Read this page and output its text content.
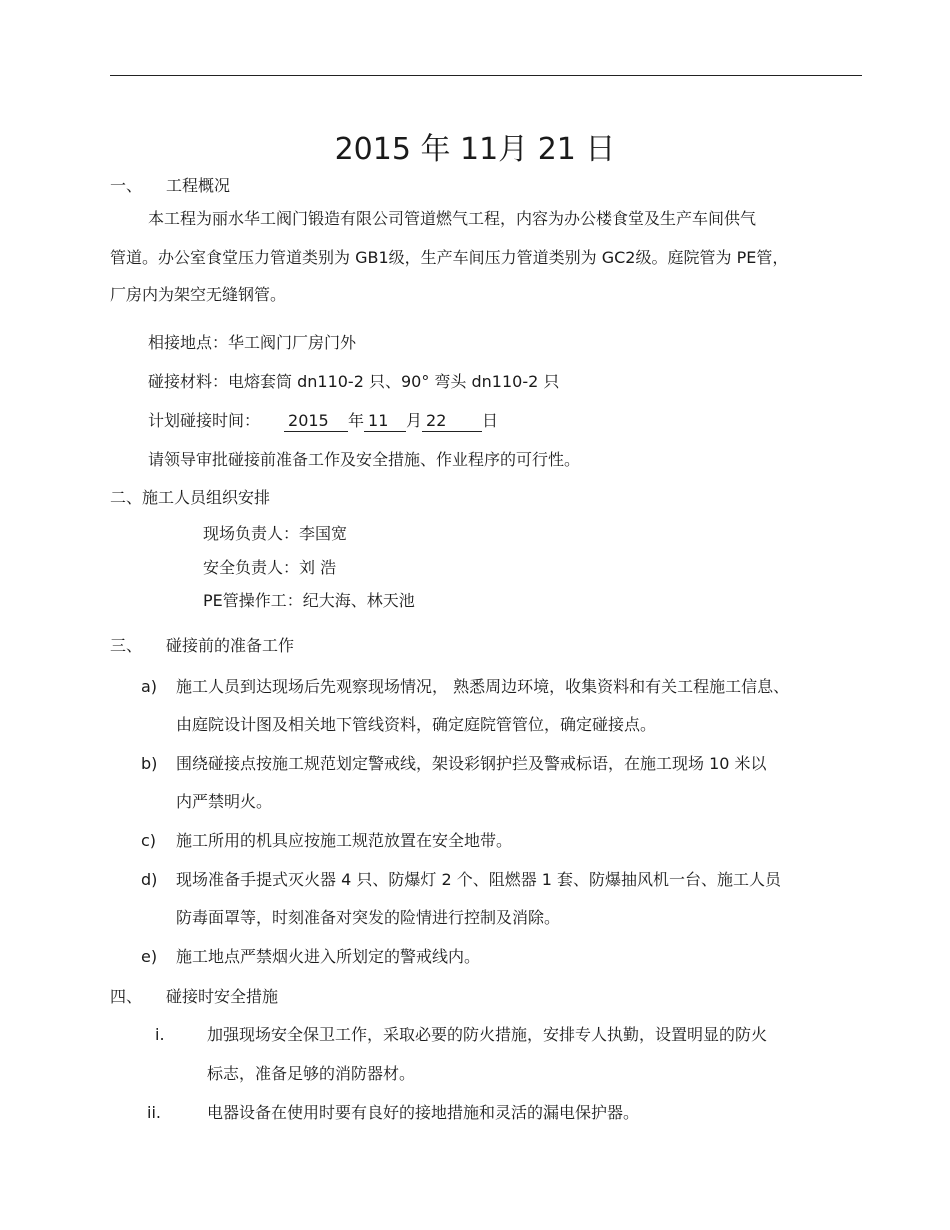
2015 年 11月 21 日
一、 工程概况
本工程为丽水华工阀门锻造有限公司管道燃气工程，内容为办公楼食堂及生产车间供气
管道。办公室食堂压力管道类别为 GB1级，生产车间压力管道类别为 GC2级。庭院管为 PE管，
厂房内为架空无缝钢管。
相接地点：华工阀门厂房门外
碰接材料：电熔套筒 dn110-2 只、90° 弯头 dn110-2 只
计划碰接时间： 2015 年 11 月 22 日
请领导审批碰接前准备工作及安全措施、作业程序的可行性。
二、施工人员组织安排
现场负责人：李国宽
安全负责人：刘 浩
PE管操作工：纪大海、林天池
三、 碰接前的准备工作
a) 施工人员到达现场后先观察现场情况， 熟悉周边环境，收集资料和有关工程施工信息、
由庭院设计图及相关地下管线资料，确定庭院管管位，确定碰接点。
b) 围绕碰接点按施工规范划定警戒线，架设彩钢护拦及警戒标语，在施工现场 10 米以
内严禁明火。
c) 施工所用的机具应按施工规范放置在安全地带。
d) 现场准备手提式灭火器 4 只、防爆灯 2 个、阻燃器 1 套、防爆抽风机一台、施工人员
防毒面罩等，时刻准备对突发的险情进行控制及消除。
e) 施工地点严禁烟火进入所划定的警戒线内。
四、 碰接时安全措施
i.	加强现场安全保卫工作，采取必要的防火措施，安排专人执勤，设置明显的防火
标志，准备足够的消防器材。
ii.	电器设备在使用时要有良好的接地措施和灵活的漏电保护器。
